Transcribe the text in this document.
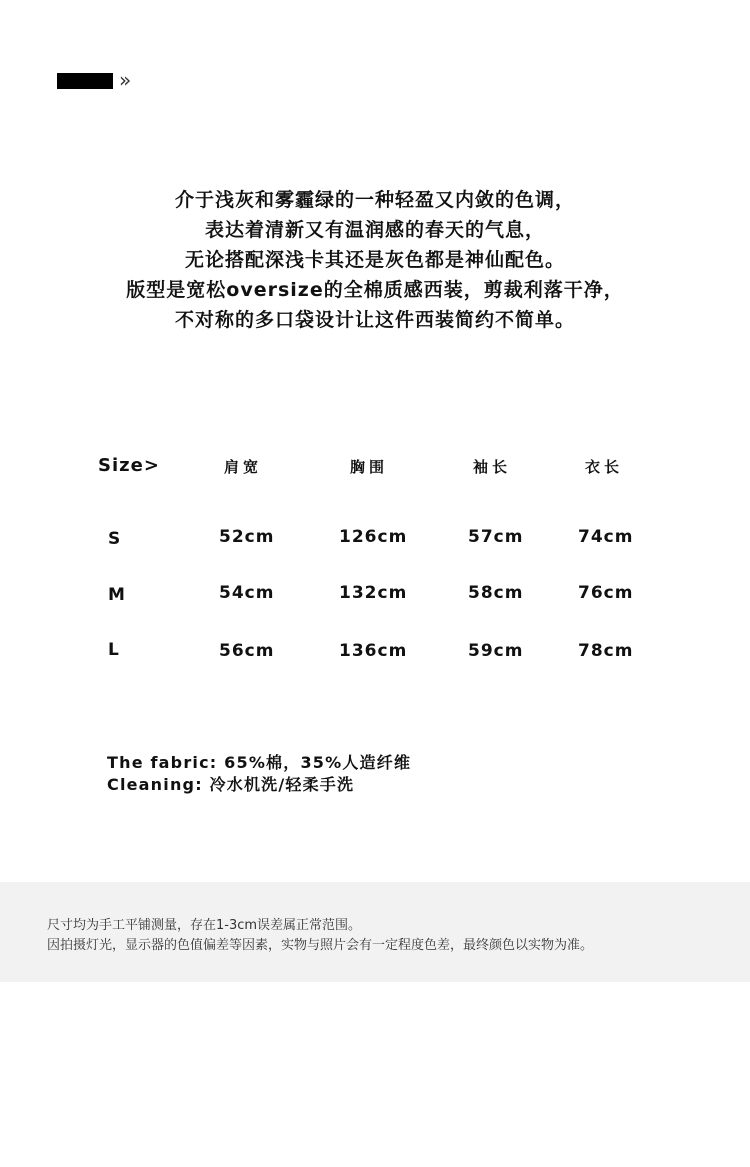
»
介于浅灰和雾霾绿的一种轻盈又内敛的色调，
表达着清新又有温润感的春天的气息，
无论搭配深浅卡其还是灰色都是神仙配色。
版型是宽松oversize的全棉质感西装，剪裁利落干净，
不对称的多口袋设计让这件西装简约不简单。
Size>	肩宽	胸围	袖长	衣长
S	52cm	126cm	57cm	74cm
M	54cm	132cm	58cm	76cm
L	56cm	136cm	59cm	78cm
The fabric: 65%棉，35%人造纤维
Cleaning: 冷水机洗/轻柔手洗
尺寸均为手工平铺测量，存在1-3cm误差属正常范围。
因拍摄灯光，显示器的色值偏差等因素，实物与照片会有一定程度色差，最终颜色以实物为准。
